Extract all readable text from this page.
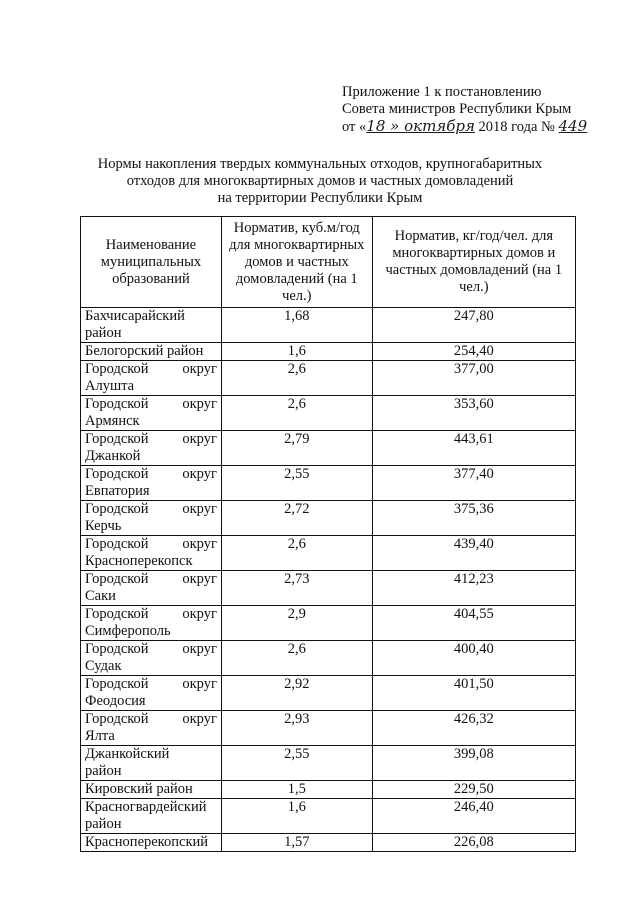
Приложение 1 к постановлению
Совета министров Республики Крым
от «18 » октября 2018 года № 449
Нормы накопления твердых коммунальных отходов, крупногабаритных
отходов для многоквартирных домов и частных домовладений
на территории Республики Крым
Наименование муниципальных образований	Норматив, куб.м/год для многоквартирных домов и частных домовладений (на 1 чел.)	Норматив, кг/год/чел. для многоквартирных домов и частных домовладений (на 1 чел.)

Бахчисарайский
район	1,68	247,80

Белогорский район	1,6	254,40

Городской округ
Алушта	2,6	377,00

Городской округ
Армянск	2,6	353,60

Городской округ
Джанкой	2,79	443,61

Городской округ
Евпатория	2,55	377,40

Городской округ
Керчь	2,72	375,36

Городской округ
Красноперекопск	2,6	439,40

Городской округ
Саки	2,73	412,23

Городской округ
Симферополь	2,9	404,55

Городской округ
Судак	2,6	400,40

Городской округ
Феодосия	2,92	401,50

Городской округ
Ялта	2,93	426,32

Джанкойский
район	2,55	399,08

Кировский район	1,5	229,50

Красногвардейский
район	1,6	246,40

Красноперекопский	1,57	226,08
